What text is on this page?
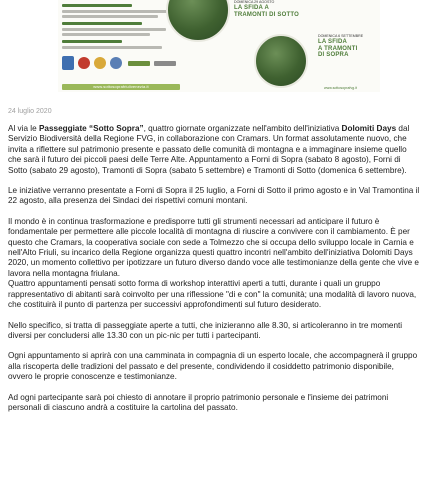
www.sottosoprafriulivenezia.it
DOMENICA 29 AGOSTO
LA SFIDA A
TRAMONTI DI SOTTO
DOMENICA 6 SETTEMBRE
LA SFIDA
A TRAMONTI
DI SOPRA
www.sottosoprafvg.it
24 luglio 2020

Al via le Passeggiate “Sotto Sopra”, quattro giornate organizzate nell'ambito dell'iniziativa Dolomiti Days dal Servizio Biodiversità della Regione FVG, in collaborazione con Cramars. Un format assolutamente nuovo, che invita a riflettere sul patrimonio presente e passato delle comunità di montagna e a immaginare insieme quello che sarà il futuro dei piccoli paesi delle Terre Alte. Appuntamento a Forni di Sopra (sabato 8 agosto), Forni di Sotto (sabato 29 agosto), Tramonti di Sopra (sabato 5 settembre) e Tramonti di Sotto (domenica 6 settembre).

Le iniziative verranno presentate a Forni di Sopra il 25 luglio, a Forni di Sotto il primo agosto e in Val Tramontina il 22 agosto, alla presenza dei Sindaci dei rispettivi comuni montani.

Il mondo è in continua trasformazione e predisporre tutti gli strumenti necessari ad anticipare il futuro è fondamentale per permettere alle piccole località di montagna di riuscire a convivere con il cambiamento. È per questo che Cramars, la cooperativa sociale con sede a Tolmezzo che si occupa dello sviluppo locale in Carnia e nell'Alto Friuli, su incarico della Regione organizza questi quattro incontri nell'ambito dell'iniziativa Dolomiti Days 2020, un momento collettivo per ipotizzare un futuro diverso dando voce alle testimonianze della gente che vive e lavora nella montagna friulana.

Quattro appuntamenti pensati sotto forma di workshop interattivi aperti a tutti, durante i quali un gruppo rappresentativo di abitanti sarà coinvolto per una riflessione "di e con" la comunità; una modalità di lavoro nuova, che costituirà il punto di partenza per successivi approfondimenti sul futuro desiderato.

Nello specifico, si tratta di passeggiate aperte a tutti, che inizieranno alle 8.30, si articoleranno in tre momenti diversi per concludersi alle 13.30 con un pic-nic per tutti i partecipanti.

Ogni appuntamento si aprirà con una camminata in compagnia di un esperto locale, che accompagnerà il gruppo alla riscoperta delle tradizioni del passato e del presente, condividendo il cosiddetto patrimonio disponibile, ovvero le proprie conoscenze e testimonianze.

Ad ogni partecipante sarà poi chiesto di annotare il proprio patrimonio personale e l'insieme dei patrimoni personali di ciascuno andrà a costituire la cartolina del passato.
